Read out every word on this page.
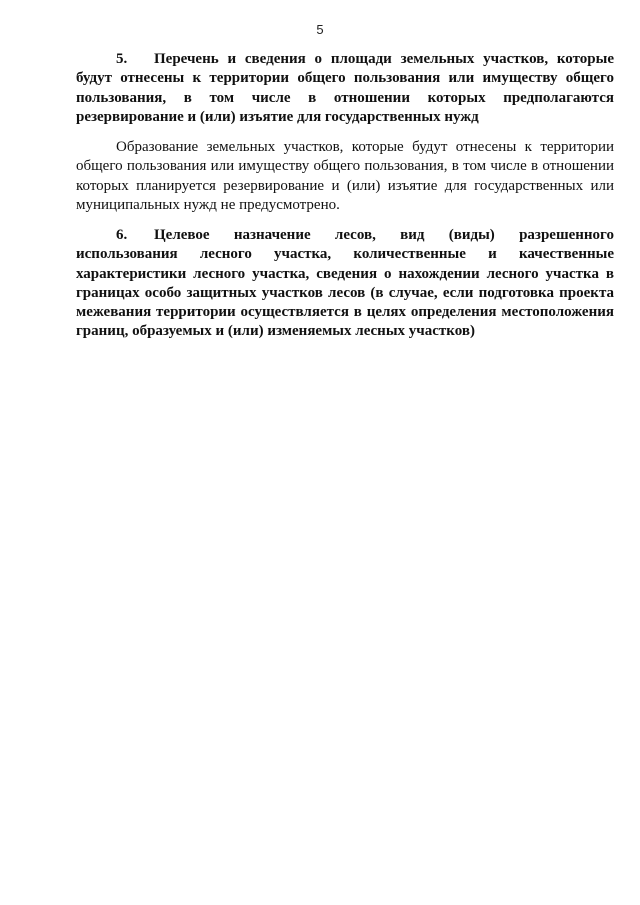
5
5. Перечень и сведения о площади земельных участков, которые будут отнесены к территории общего пользования или имуществу общего пользования, в том числе в отношении которых предполагаются резервирование и (или) изъятие для государственных нужд
Образование земельных участков, которые будут отнесены к территории общего пользования или имуществу общего пользования, в том числе в отношении которых планируется резервирование и (или) изъятие для государственных или муниципальных нужд не предусмотрено.
6. Целевое назначение лесов, вид (виды) разрешенного использования лесного участка, количественные и качественные характеристики лесного участка, сведения о нахождении лесного участка в границах особо защитных участков лесов (в случае, если подготовка проекта межевания территории осуществляется в целях определения местоположения границ, образуемых и (или) изменяемых лесных участков)
